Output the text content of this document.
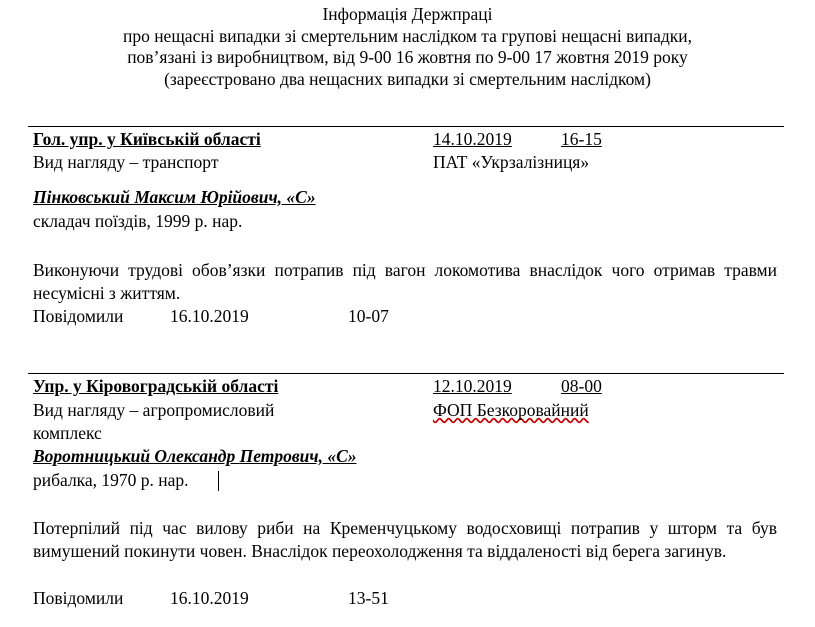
Інформація Держпраці
про нещасні випадки зі смертельним наслідком та групові нещасні випадки,
пов’язані із виробництвом, від 9-00 16 жовтня по 9-00 17 жовтня 2019 року
(зареєстровано два нещасних випадки зі смертельним наслідком)
Гол. упр. у Київській області	14.10.2019	16-15
Вид нагляду – транспорт	ПАТ «Укрзалізниця»
Пінковський Максим Юрійович, «С»
складач поїздів, 1999 р. нар.
Виконуючи трудові обов’язки потрапив під вагон локомотива внаслідок чого отримав травми несумісні з життям.
Повідомили	16.10.2019	10-07
Упр. у Кіровоградській області	12.10.2019	08-00
Вид нагляду – агропромисловий	ФОП Безкоровайний
комплекс
Воротницький Олександр Петрович, «С»
рибалка, 1970 р. нар.
Потерпілий під час вилову риби на Кременчуцькому водосховищі потрапив у шторм та був вимушений покинути човен. Внаслідок переохолодження та віддаленості від берега загинув.
Повідомили	16.10.2019	13-51
